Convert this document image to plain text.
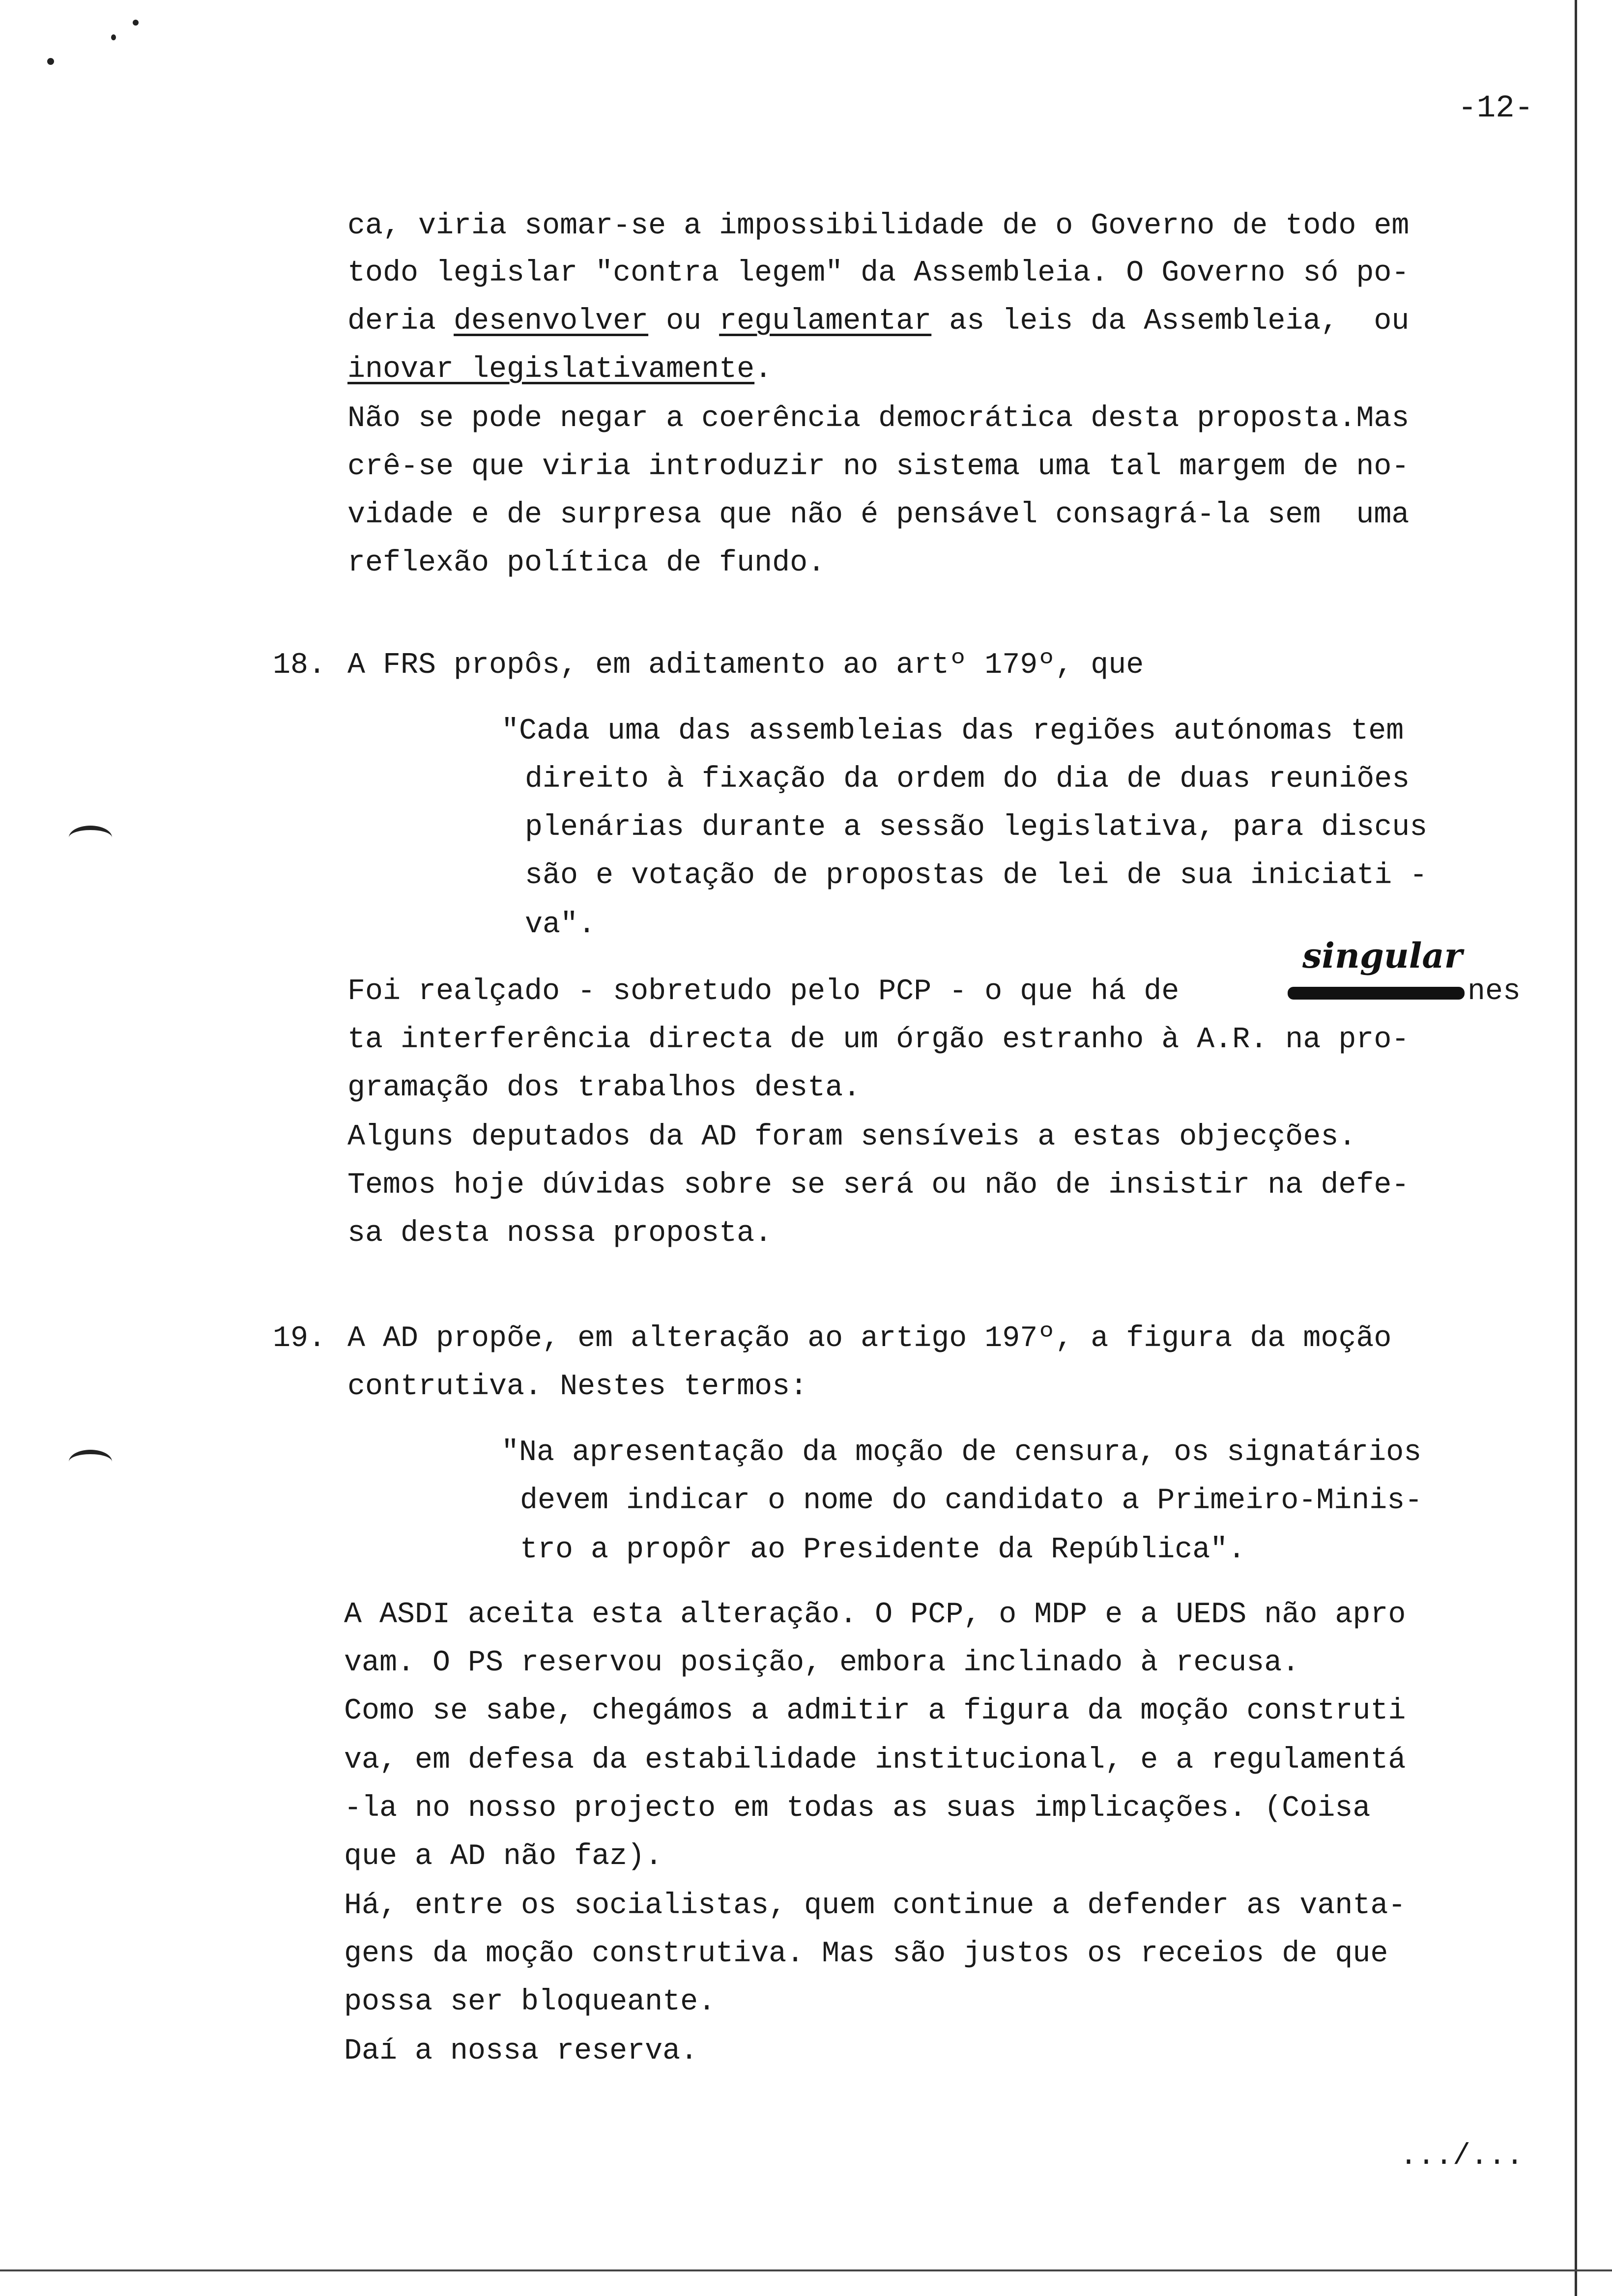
-12-
ca, viria somar-se a impossibilidade de o Governo de todo em
todo legislar "contra legem" da Assembleia. O Governo só po-
deria desenvolver ou regulamentar as leis da Assembleia,  ou
inovar legislativamente.
Não se pode negar a coerência democrática desta proposta.Mas
crê-se que viria introduzir no sistema uma tal margem de no-
vidade e de surpresa que não é pensável consagrá-la sem  uma
reflexão política de fundo.
18. A FRS propôs, em aditamento ao artº 179º, que
"Cada uma das assembleias das regiões autónomas tem
direito à fixação da ordem do dia de duas reuniões
plenárias durante a sessão legislativa, para discus
são e votação de propostas de lei de sua iniciati -
va".
singular
Foi realçado - sobretudo pelo PCP - o que há de	nes
ta interferência directa de um órgão estranho à A.R. na pro-
gramação dos trabalhos desta.
Alguns deputados da AD foram sensíveis a estas objecções.
Temos hoje dúvidas sobre se será ou não de insistir na defe-
sa desta nossa proposta.
19. A AD propõe, em alteração ao artigo 197º, a figura da moção
contrutiva. Nestes termos:
"Na apresentação da moção de censura, os signatários
devem indicar o nome do candidato a Primeiro-Minis-
tro a propôr ao Presidente da República".
A ASDI aceita esta alteração. O PCP, o MDP e a UEDS não apro
vam. O PS reservou posição, embora inclinado à recusa.
Como se sabe, chegámos a admitir a figura da moção construti
va, em defesa da estabilidade institucional, e a regulamentá
-la no nosso projecto em todas as suas implicações. (Coisa
que a AD não faz).
Há, entre os socialistas, quem continue a defender as vanta-
gens da moção construtiva. Mas são justos os receios de que
possa ser bloqueante.
Daí a nossa reserva.
.../...
